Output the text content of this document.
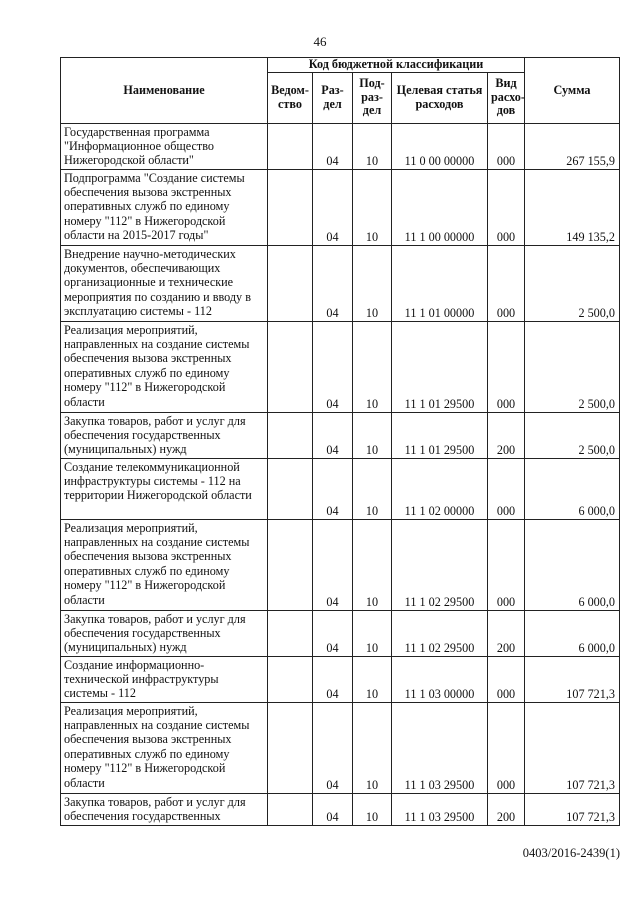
46
Наименование	Код бюджетной классификации					Сумма
	Ведом-ство	Раз-дел	Под-раз-дел	Целевая статья расходов	Вид расхо-дов	
Государственная программа "Информационное общество Нижегородской области"		04	10	11 0 00 00000	000	267 155,9
Подпрограмма "Создание системы обеспечения вызова экстренных оперативных служб по единому номеру "112" в Нижегородской области на 2015-2017 годы"		04	10	11 1 00 00000	000	149 135,2
Внедрение научно-методических документов, обеспечивающих организационные и технические мероприятия по созданию и вводу в эксплуатацию системы - 112		04	10	11 1 01 00000	000	2 500,0
Реализация мероприятий, направленных на создание системы обеспечения вызова экстренных оперативных служб по единому номеру "112" в Нижегородской области		04	10	11 1 01 29500	000	2 500,0
Закупка товаров, работ и услуг для обеспечения государственных (муниципальных) нужд		04	10	11 1 01 29500	200	2 500,0
Создание телекоммуникационной инфраструктуры системы - 112 на территории Нижегородской области		04	10	11 1 02 00000	000	6 000,0
Реализация мероприятий, направленных на создание системы обеспечения вызова экстренных оперативных служб по единому номеру "112" в Нижегородской области		04	10	11 1 02 29500	000	6 000,0
Закупка товаров, работ и услуг для обеспечения государственных (муниципальных) нужд		04	10	11 1 02 29500	200	6 000,0
Создание информационно-технической инфраструктуры системы - 112		04	10	11 1 03 00000	000	107 721,3
Реализация мероприятий, направленных на создание системы обеспечения вызова экстренных оперативных служб по единому номеру "112" в Нижегородской области		04	10	11 1 03 29500	000	107 721,3
Закупка товаров, работ и услуг для обеспечения государственных		04	10	11 1 03 29500	200	107 721,3
0403/2016-2439(1)
